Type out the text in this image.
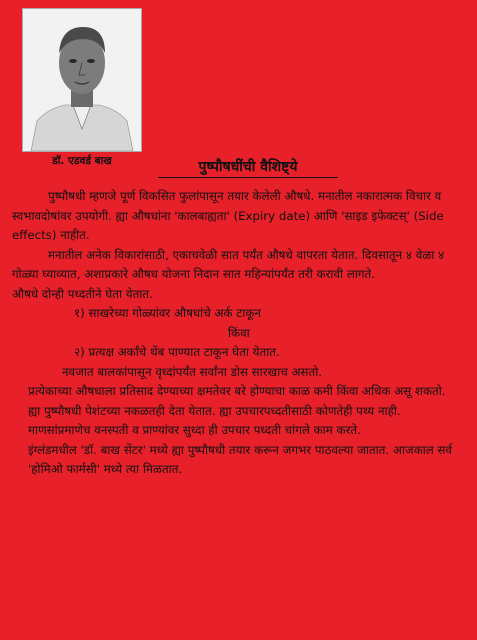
डॉ. एडवर्ड बाख	पुष्पौषधींची वैशिष्ट्ये

पुष्पौषधी म्हणजे पूर्ण विकसित फुलांपासून तयार केलेली औषधे. मनातील नकारात्मक विचार व स्वभावदोषांवर उपयोगी. ह्या औषधांना 'कालबाह्यता' (Expiry date) आणि 'साइड इफेक्टस्' (Side effects) नाहीत.

मनातील अनेक विकारांसाठी, एकाचवेळी सात पर्यंत औषधे वापरता येतात. दिवसातून ४ वेळा ४ गोळ्या घ्याव्यात, अशाप्रकारे औषध योजना निदान सात महिन्यांपर्यंत तरी करावी लागते.

औषधे दोन्ही पध्दतीने घेता येतात.

१) साखरेच्या गोळ्यांवर औषधांचे अर्क टाकून

किंवा

२) प्रत्यक्ष अर्कांचे थेंब पाण्यात टाकून घेता येतात.

नवजात बालकांपासून वृध्दांपर्यंत सर्वांना डोस सारखाच असतो.

प्रत्येकाच्या औषधाला प्रतिसाद देण्याच्या क्षमतेवर बरे होण्याचा काळ कमी किंवा अधिक असू शकतो.

ह्या पुष्पौषधी पेशंटच्या नकळतही देता येतात. ह्या उपचारपध्दतीसाठी कोणतेही पथ्य नाही. माणसांप्रमाणेच वनस्पती व प्राण्यांवर सुध्दा ही उपचार पध्दती चांगले काम करते.

इंग्लंडमधील 'डॉ. बाख सेंटर' मध्ये ह्या पुष्पौषधी तयार करून जगभर पाठवल्या जातात. आजकाल सर्व 'होमिओ फार्मसी' मध्ये त्या मिळतात.
